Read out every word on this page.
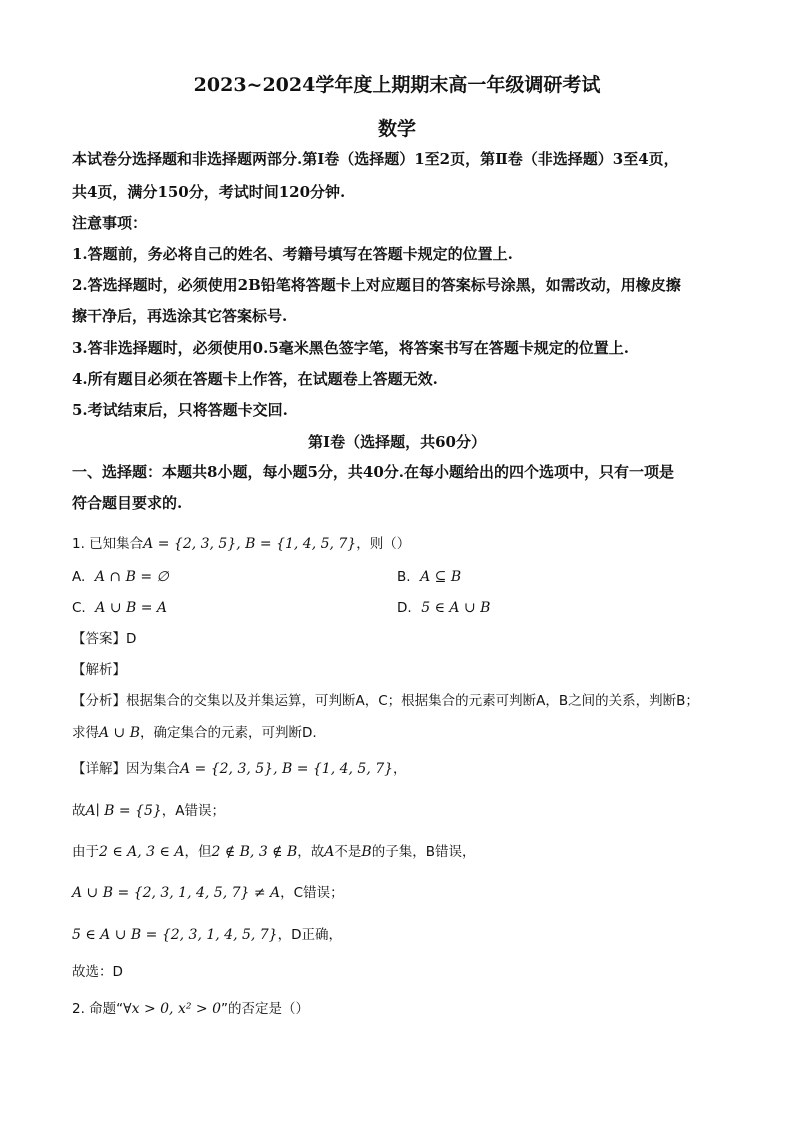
2023~2024学年度上期期末高一年级调研考试
数学
本试卷分选择题和非选择题两部分.第Ⅰ卷（选择题）1至2页，第Ⅱ卷（非选择题）3至4页，
共4页，满分150分，考试时间120分钟.
注意事项：
1.答题前，务必将自己的姓名、考籍号填写在答题卡规定的位置上.
2.答选择题时，必须使用2B铅笔将答题卡上对应题目的答案标号涂黑，如需改动，用橡皮擦
擦干净后，再选涂其它答案标号.
3.答非选择题时，必须使用0.5毫米黑色签字笔，将答案书写在答题卡规定的位置上.
4.所有题目必须在答题卡上作答，在试题卷上答题无效.
5.考试结束后，只将答题卡交回.
第Ⅰ卷（选择题，共60分）
一、选择题：本题共8小题，每小题5分，共40分.在每小题给出的四个选项中，只有一项是
符合题目要求的.
1. 已知集合A = {2, 3, 5}, B = {1, 4, 5, 7}，则（）
A. A ∩ B = ∅	B. A ⊆ B
C. A ∪ B = A	D. 5 ∈ A ∪ B
【答案】D
【解析】
【分析】根据集合的交集以及并集运算，可判断A，C；根据集合的元素可判断A，B之间的关系，判断B；
求得A ∪ B，确定集合的元素，可判断D.
【详解】因为集合A = {2, 3, 5}, B = {1, 4, 5, 7}，
故A∣ B = {5}，A错误；
由于2 ∈ A, 3 ∈ A，但2 ∉ B, 3 ∉ B，故A不是B的子集，B错误，
A ∪ B = {2, 3, 1, 4, 5, 7} ≠ A，C错误；
5 ∈ A ∪ B = {2, 3, 1, 4, 5, 7}，D正确，
故选：D
2. 命题“∀x > 0, x² > 0”的否定是（）
